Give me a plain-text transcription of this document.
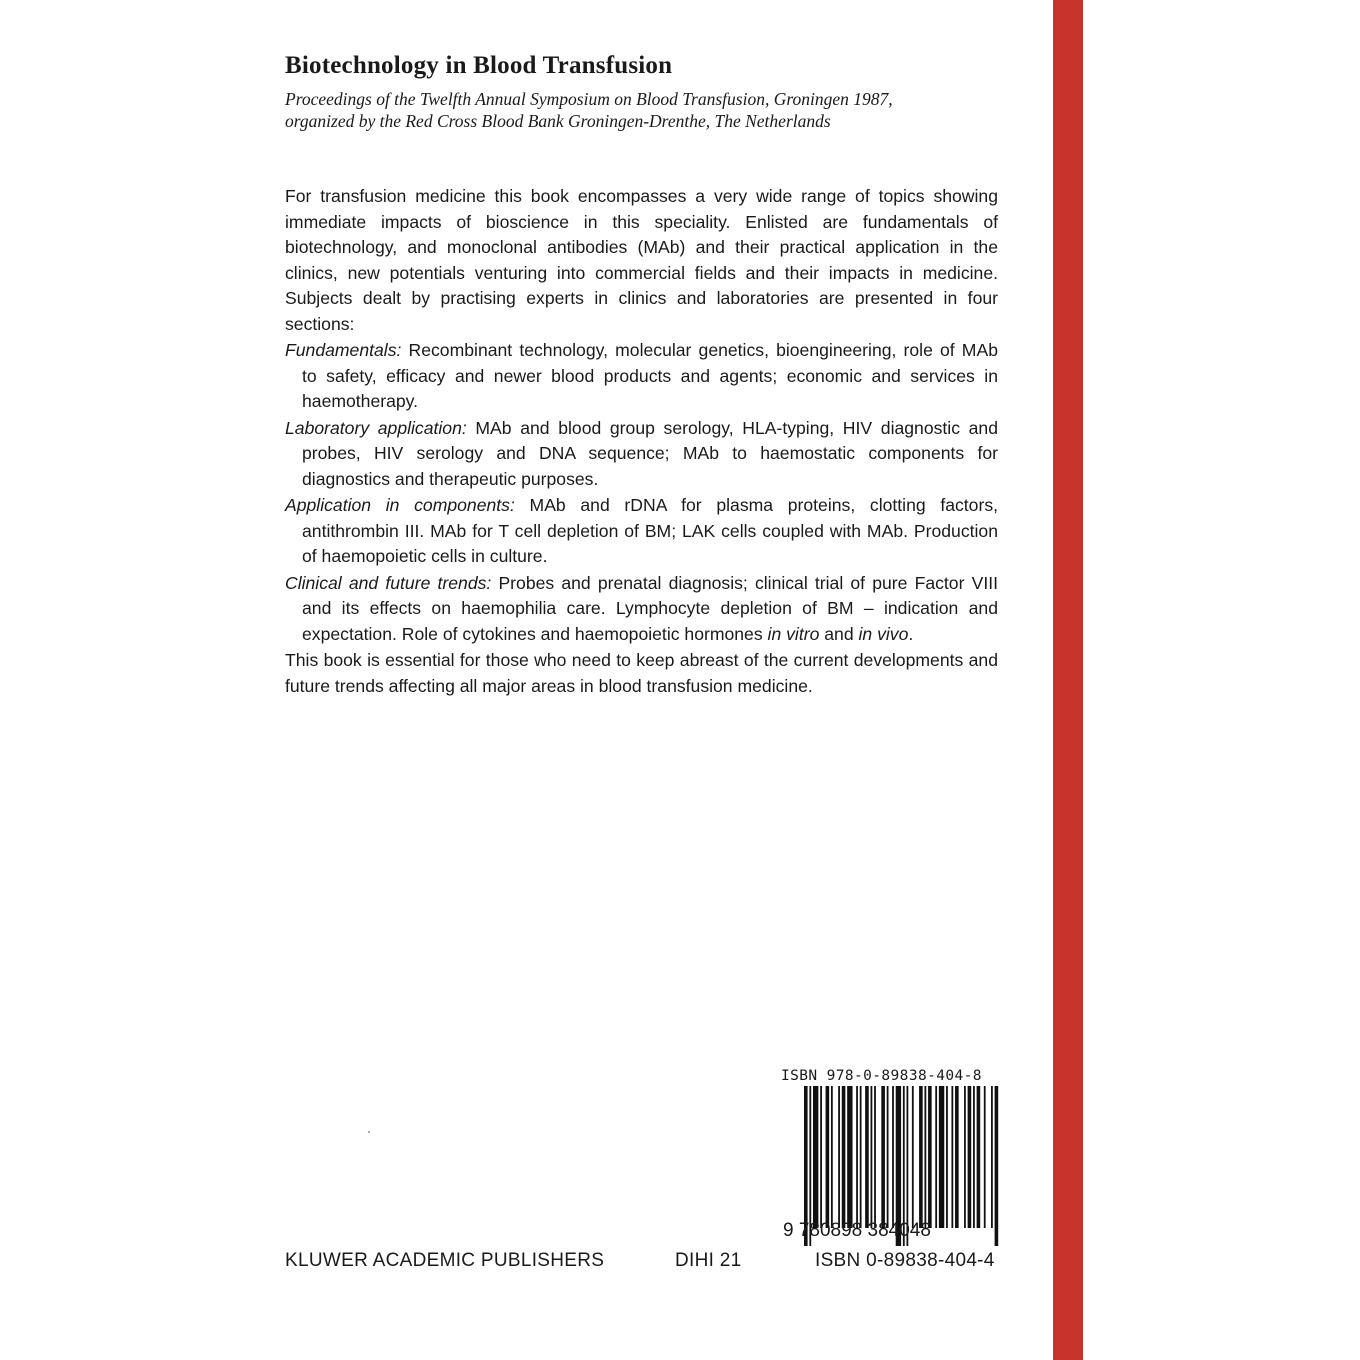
Biotechnology in Blood Transfusion
Proceedings of the Twelfth Annual Symposium on Blood Transfusion, Groningen 1987,
organized by the Red Cross Blood Bank Groningen-Drenthe, The Netherlands

For transfusion medicine this book encompasses a very wide range of topics showing immediate impacts of bioscience in this speciality. Enlisted are fundamentals of biotechnology, and monoclonal antibodies (MAb) and their practical application in the clinics, new potentials venturing into commercial fields and their impacts in medicine. Subjects dealt by practising experts in clinics and laboratories are presented in four sections:

Fundamentals: Recombinant technology, molecular genetics, bioengineering, role of MAb to safety, efficacy and newer blood products and agents; economic and services in haemotherapy.

Laboratory application: MAb and blood group serology, HLA-typing, HIV diagnostic and probes, HIV serology and DNA sequence; MAb to haemostatic components for diagnostics and therapeutic purposes.

Application in components: MAb and rDNA for plasma proteins, clotting factors, antithrombin III. MAb for T cell depletion of BM; LAK cells coupled with MAb. Production of haemopoietic cells in culture.

Clinical and future trends: Probes and prenatal diagnosis; clinical trial of pure Factor VIII and its effects on haemophilia care. Lymphocyte depletion of BM – indication and expectation. Role of cytokines and haemopoietic hormones in vitro and in vivo.

This book is essential for those who need to keep abreast of the current developments and future trends affecting all major areas in blood transfusion medicine.

ISBN 978-0-89838-404-8
9 780898 384048
KLUWER ACADEMIC PUBLISHERS	DIHI 21	ISBN 0-89838-404-4
